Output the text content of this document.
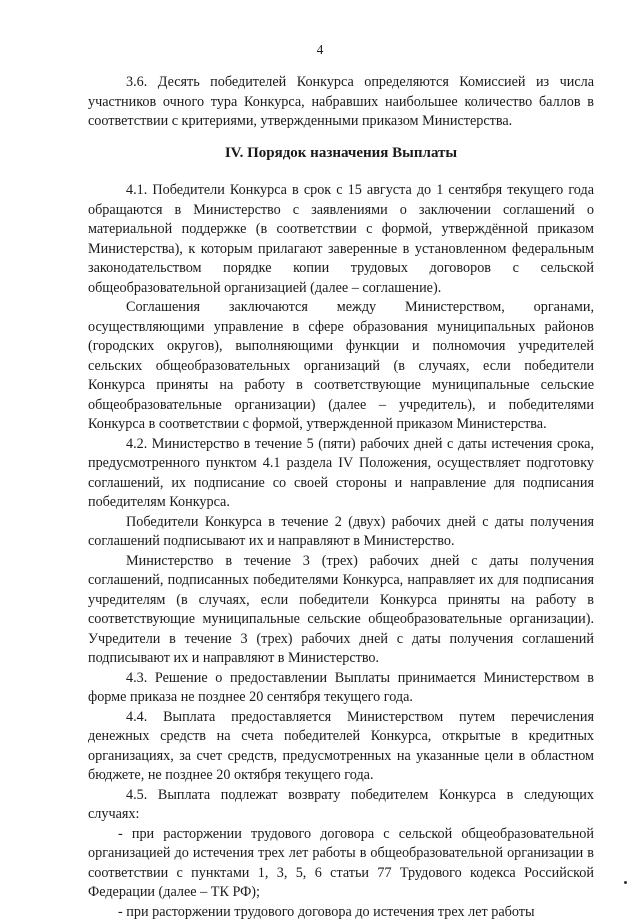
4

3.6. Десять победителей Конкурса определяются Комиссией из числа участников очного тура Конкурса, набравших наибольшее количество баллов в соответствии с критериями, утвержденными приказом Министерства.

IV. Порядок назначения Выплаты

4.1. Победители Конкурса в срок с 15 августа до 1 сентября текущего года обращаются в Министерство с заявлениями о заключении соглашений о материальной поддержке (в соответствии с формой, утверждённой приказом Министерства), к которым прилагают заверенные в установленном федеральным законодательством порядке копии трудовых договоров с сельской общеобразовательной организацией (далее – соглашение).

Соглашения заключаются между Министерством, органами, осуществляющими управление в сфере образования муниципальных районов (городских округов), выполняющими функции и полномочия учредителей сельских общеобразовательных организаций (в случаях, если победители Конкурса приняты на работу в соответствующие муниципальные сельские общеобразовательные организации) (далее – учредитель), и победителями Конкурса в соответствии с формой, утвержденной приказом Министерства.

4.2. Министерство в течение 5 (пяти) рабочих дней с даты истечения срока, предусмотренного пунктом 4.1 раздела IV Положения, осуществляет подготовку соглашений, их подписание со своей стороны и направление для подписания победителям Конкурса.

Победители Конкурса в течение 2 (двух) рабочих дней с даты получения соглашений подписывают их и направляют в Министерство.

Министерство в течение 3 (трех) рабочих дней с даты получения соглашений, подписанных победителями Конкурса, направляет их для подписания учредителям (в случаях, если победители Конкурса приняты на работу в соответствующие муниципальные сельские общеобразовательные организации). Учредители в течение 3 (трех) рабочих дней с даты получения соглашений подписывают их и направляют в Министерство.

4.3. Решение о предоставлении Выплаты принимается Министерством в форме приказа не позднее 20 сентября текущего года.

4.4. Выплата предоставляется Министерством путем перечисления денежных средств на счета победителей Конкурса, открытые в кредитных организациях, за счет средств, предусмотренных на указанные цели в областном бюджете, не позднее 20 октября текущего года.

4.5. Выплата подлежат возврату победителем Конкурса в следующих случаях:

- при расторжении трудового договора с сельской общеобразовательной организацией до истечения трех лет работы в общеобразовательной организации в соответствии с пунктами 1, 3, 5, 6 статьи 77 Трудового кодекса Российской Федерации (далее – ТК РФ);

- при расторжении трудового договора до истечения трех лет работы
